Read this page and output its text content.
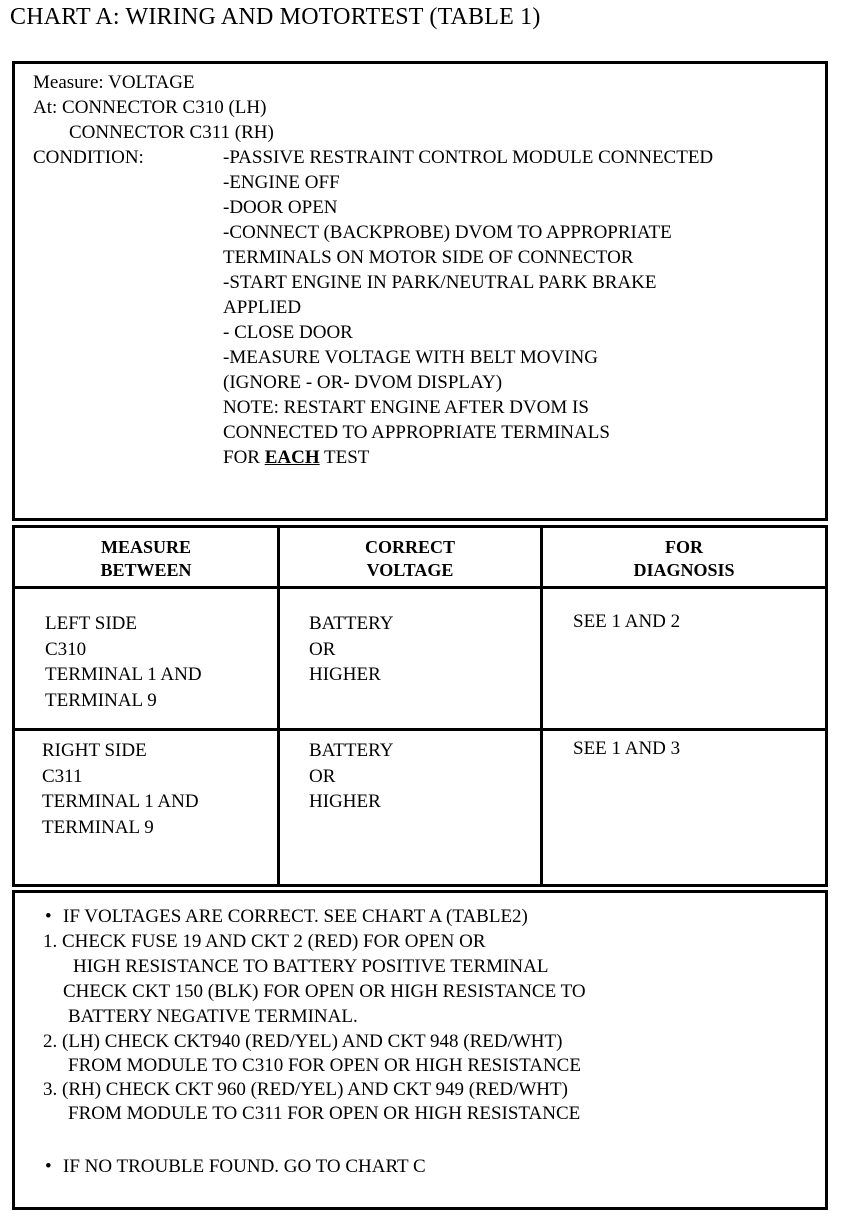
CHART A: WIRING AND MOTORTEST (TABLE 1)
Measure: VOLTAGE
At: CONNECTOR C310 (LH)
CONNECTOR C311 (RH)
CONDITION:	-PASSIVE RESTRAINT CONTROL MODULE CONNECTED
-ENGINE OFF
-DOOR OPEN
-CONNECT (BACKPROBE) DVOM TO APPROPRIATE
TERMINALS ON MOTOR SIDE OF CONNECTOR
-START ENGINE IN PARK/NEUTRAL PARK BRAKE
APPLIED
- CLOSE DOOR
-MEASURE VOLTAGE WITH BELT MOVING
(IGNORE - OR- DVOM DISPLAY)
NOTE: RESTART ENGINE AFTER DVOM IS
CONNECTED TO APPROPRIATE TERMINALS
FOR EACH TEST
MEASURE
BETWEEN
CORRECT
VOLTAGE
FOR
DIAGNOSIS
LEFT SIDE
C310
TERMINAL 1 AND
TERMINAL 9
BATTERY
OR
HIGHER
SEE 1 AND 2
RIGHT SIDE
C311
TERMINAL 1 AND
TERMINAL 9
BATTERY
OR
HIGHER
SEE 1 AND 3
• IF VOLTAGES ARE CORRECT. SEE CHART A (TABLE2)
1. CHECK FUSE 19 AND CKT 2 (RED) FOR OPEN OR
HIGH RESISTANCE TO BATTERY POSITIVE TERMINAL
CHECK CKT 150 (BLK) FOR OPEN OR HIGH RESISTANCE TO
BATTERY NEGATIVE TERMINAL.
2. (LH) CHECK CKT940 (RED/YEL) AND CKT 948 (RED/WHT)
FROM MODULE TO C310 FOR OPEN OR HIGH RESISTANCE
3. (RH) CHECK CKT 960 (RED/YEL) AND CKT 949 (RED/WHT)
FROM MODULE TO C311 FOR OPEN OR HIGH RESISTANCE
• IF NO TROUBLE FOUND. GO TO CHART C
